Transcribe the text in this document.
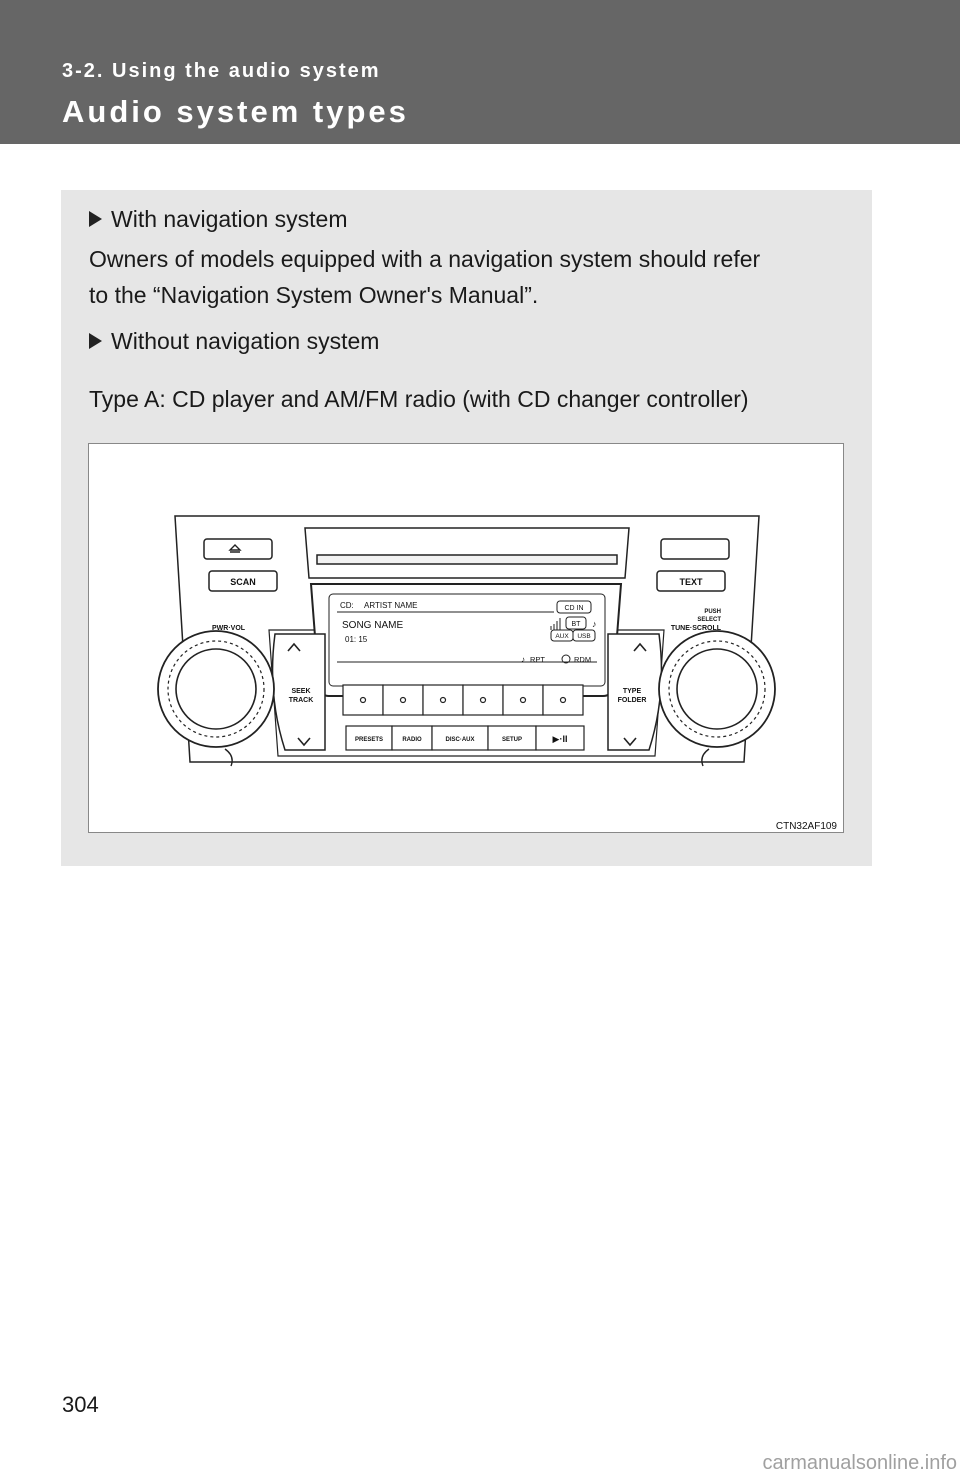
3-2. Using the audio system
Audio system types
With navigation system
Owners of models equipped with a navigation system should refer
to the “Navigation System Owner's Manual”.
Without navigation system
Type A: CD player and AM/FM radio (with CD changer controller)
SCAN	TEXT
PWR·VOL
PUSH
SELECT
TUNE·SCROLL
SEEK
TRACK
TYPE
FOLDER
PRESETS	RADIO	DISC·AUX	SETUP	▶·II
CD: ARTIST NAME
SONG NAME
01: 15
CD IN
BT
AUX USB
♪ RPT	RDM
♪
CTN32AF109
304
carmanualsonline.info
